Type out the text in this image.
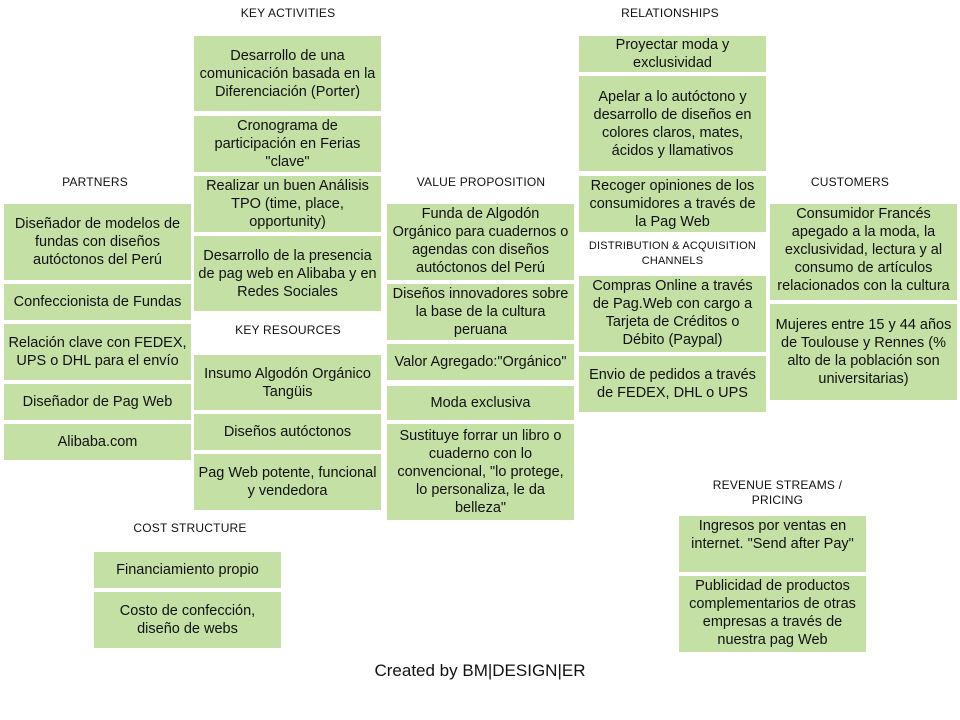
KEY ACTIVITIES	RELATIONSHIPS
PARTNERS	VALUE PROPOSITION	CUSTOMERS
DISTRIBUTION & ACQUISITION CHANNELS
KEY RESOURCES
REVENUE STREAMS / PRICING
COST STRUCTURE
Desarrollo de una comunicación basada en la Diferenciación (Porter)
Cronograma de participación en Ferias "clave"
Realizar un buen Análisis TPO (time, place, opportunity)
Desarrollo de la presencia de pag web en Alibaba y en Redes Sociales
Proyectar moda y exclusividad
Apelar a lo autóctono y desarrollo de diseños en colores claros, mates, ácidos y llamativos
Recoger opiniones de los consumidores a través de la Pag Web
Diseñador de modelos de fundas con diseños autóctonos del Perú
Confeccionista de Fundas
Relación clave con FEDEX, UPS o DHL para el envío
Diseñador de Pag Web
Alibaba.com
Funda de Algodón Orgánico para cuadernos o agendas con diseños autóctonos del Perú
Diseños innovadores sobre la base de la cultura peruana
Valor Agregado:"Orgánico"
Moda exclusiva
Sustituye forrar un libro o cuaderno con lo convencional, "lo protege, lo personaliza, le da belleza"
Consumidor Francés apegado a la moda, la exclusividad, lectura y al consumo de artículos relacionados con la cultura
Mujeres entre 15 y 44 años de Toulouse y Rennes (% alto de la población son universitarias)
Compras Online a través de Pag.Web con cargo a Tarjeta de Créditos o Débito (Paypal)
Envio de pedidos a través de FEDEX, DHL o UPS
Insumo Algodón Orgánico Tangüis
Diseños autóctonos
Pag Web potente, funcional y vendedora
Ingresos por ventas en internet. "Send after Pay"
Publicidad de productos complementarios de otras empresas a través de nuestra pag Web
Financiamiento propio
Costo de confección, diseño de webs
Created by BM|DESIGN|ER
